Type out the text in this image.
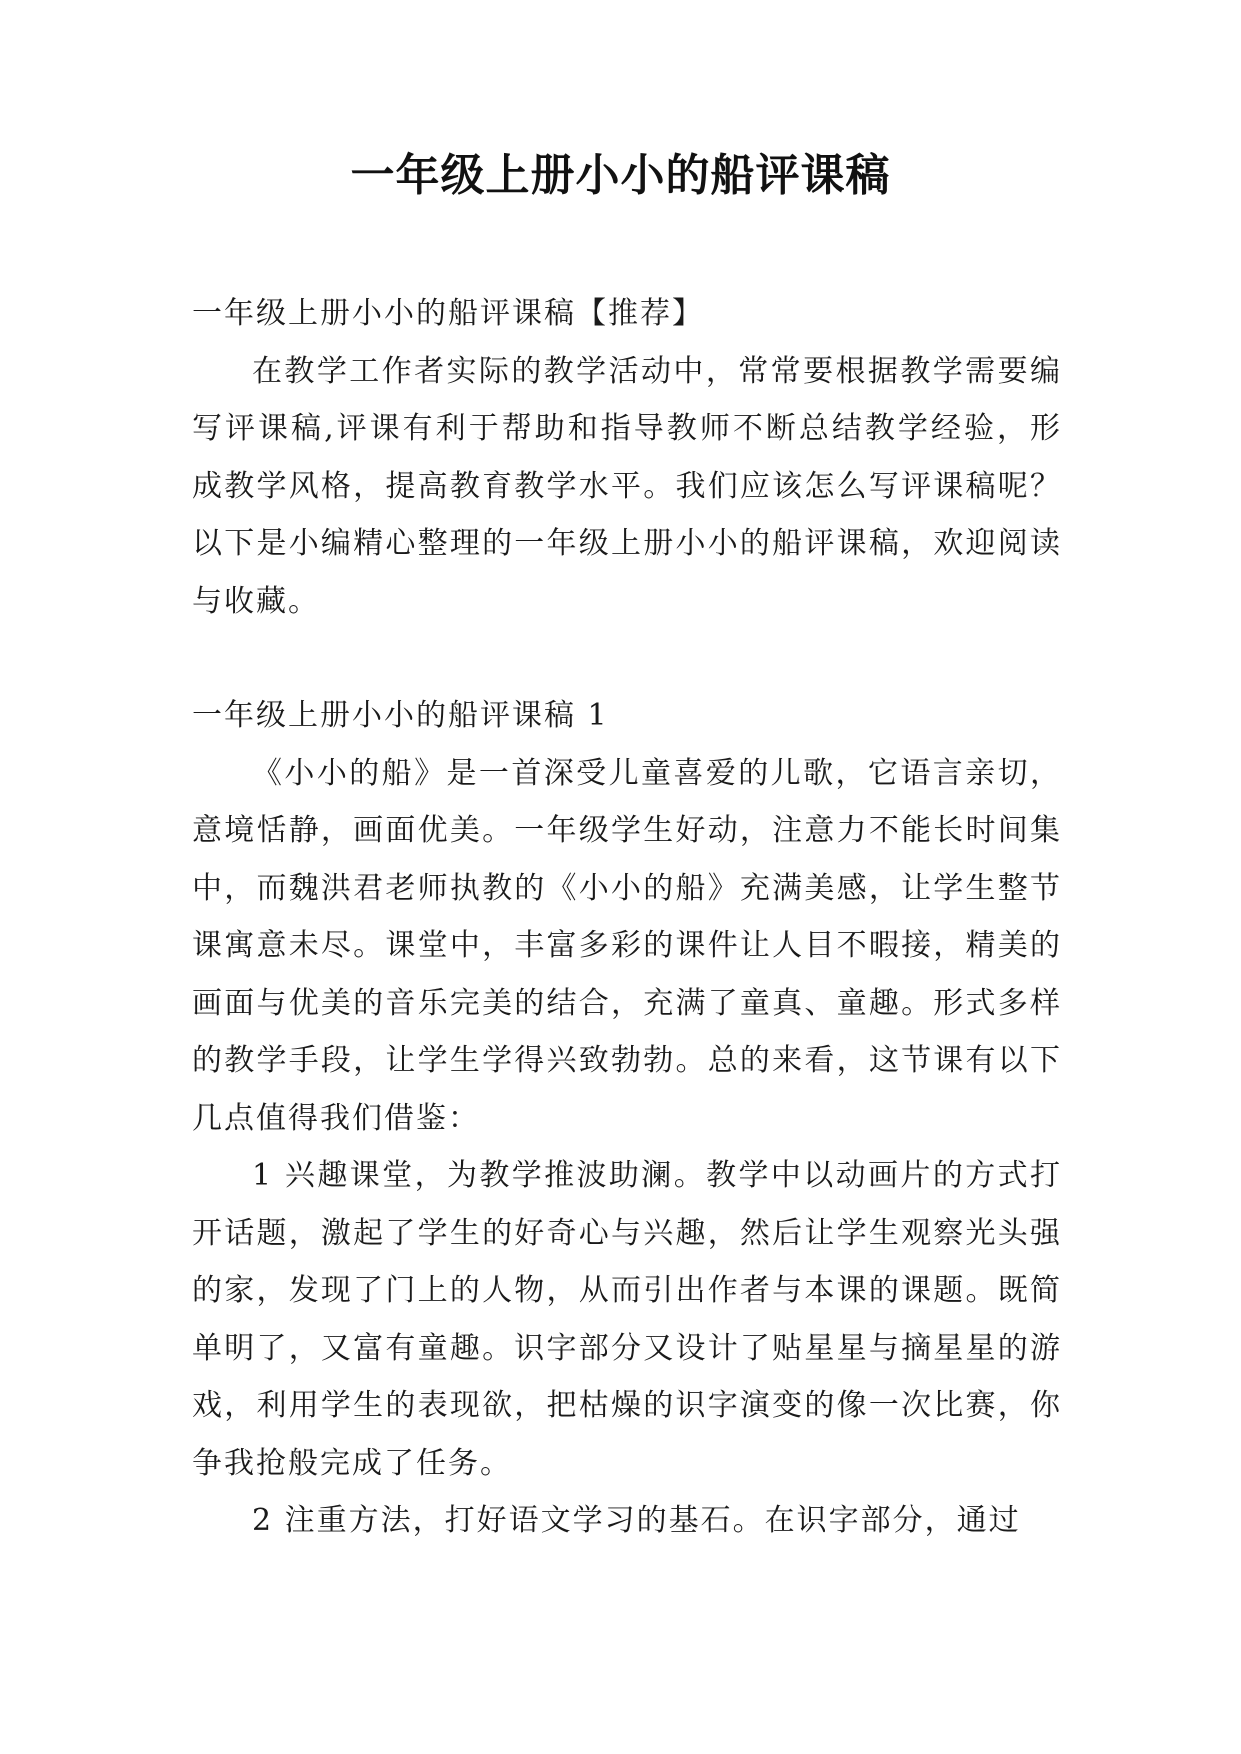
一年级上册小小的船评课稿

一年级上册小小的船评课稿【推荐】

在教学工作者实际的教学活动中，常常要根据教学需要编写评课稿,评课有利于帮助和指导教师不断总结教学经验，形成教学风格，提高教育教学水平。我们应该怎么写评课稿呢？以下是小编精心整理的一年级上册小小的船评课稿，欢迎阅读与收藏。

一年级上册小小的船评课稿 1

《小小的船》是一首深受儿童喜爱的儿歌，它语言亲切，意境恬静，画面优美。一年级学生好动，注意力不能长时间集中，而魏洪君老师执教的《小小的船》充满美感，让学生整节课寓意未尽。课堂中，丰富多彩的课件让人目不暇接，精美的画面与优美的音乐完美的结合，充满了童真、童趣。形式多样的教学手段，让学生学得兴致勃勃。总的来看，这节课有以下几点值得我们借鉴：

1 兴趣课堂，为教学推波助澜。教学中以动画片的方式打开话题，激起了学生的好奇心与兴趣，然后让学生观察光头强的家，发现了门上的人物，从而引出作者与本课的课题。既简单明了，又富有童趣。识字部分又设计了贴星星与摘星星的游戏，利用学生的表现欲，把枯燥的识字演变的像一次比赛，你争我抢般完成了任务。

2 注重方法，打好语文学习的基石。在识字部分，通过
